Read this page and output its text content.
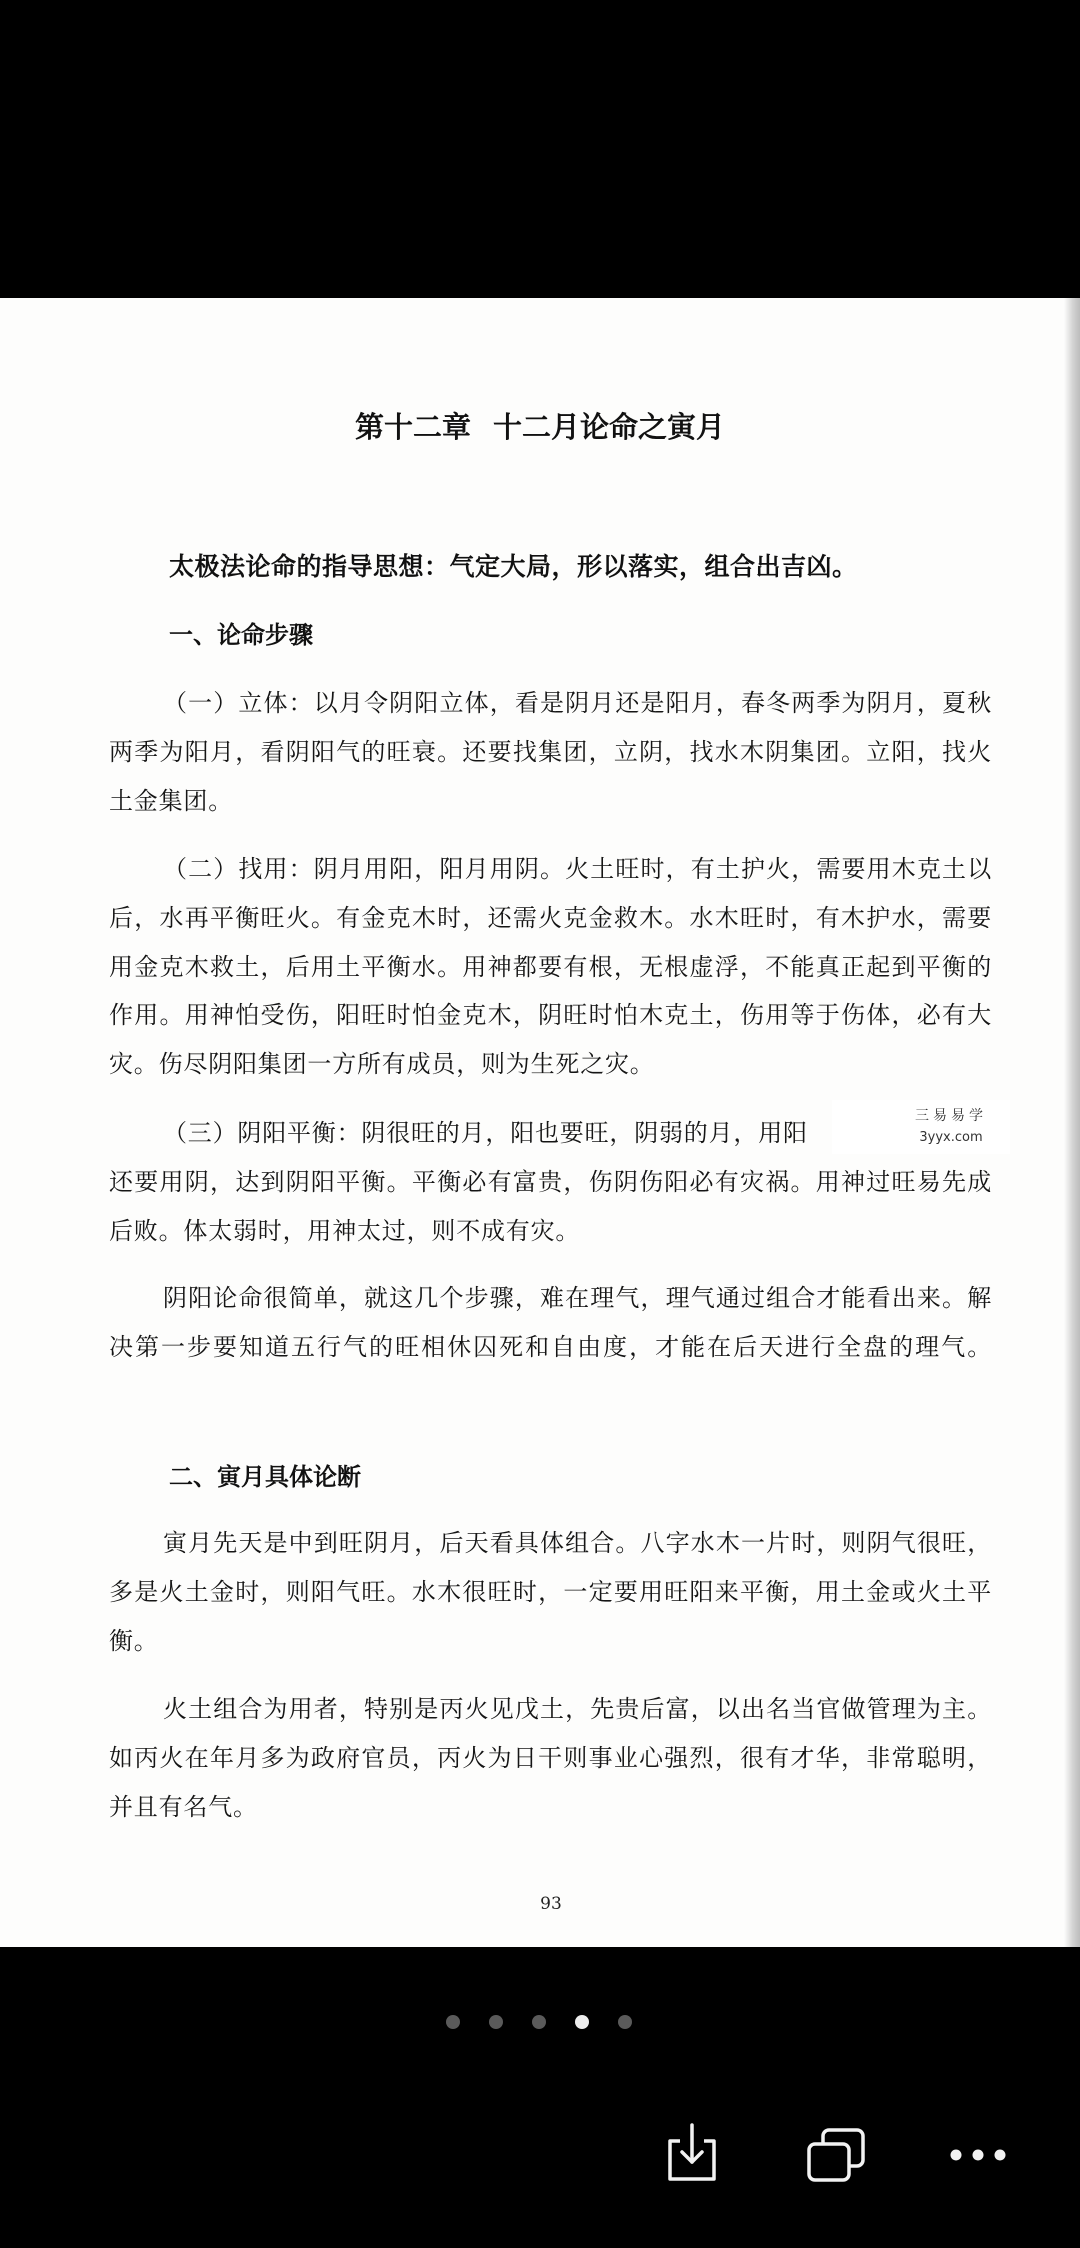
第十二章 十二月论命之寅月
太极法论命的指导思想：气定大局，形以落实，组合出吉凶。
一、论命步骤
（一）立体：以月令阴阳立体，看是阴月还是阳月，春冬两季为阴月，夏秋
两季为阳月，看阴阳气的旺衰。还要找集团，立阴，找水木阴集团。立阳，找火
土金集团。
（二）找用：阴月用阳，阳月用阴。火土旺时，有土护火，需要用木克土以
后，水再平衡旺火。有金克木时，还需火克金救木。水木旺时，有木护水，需要
用金克木救土，后用土平衡水。用神都要有根，无根虚浮，不能真正起到平衡的
作用。用神怕受伤，阳旺时怕金克木，阴旺时怕木克土，伤用等于伤体，必有大
灾。伤尽阴阳集团一方所有成员，则为生死之灾。
（三）阴阳平衡：阴很旺的月，阳也要旺，阴弱的月，用阳
还要用阴，达到阴阳平衡。平衡必有富贵，伤阴伤阳必有灾祸。用神过旺易先成
后败。体太弱时，用神太过，则不成有灾。
三易易学
3yyx.com
阴阳论命很简单，就这几个步骤，难在理气，理气通过组合才能看出来。解
决第一步要知道五行气的旺相休囚死和自由度，才能在后天进行全盘的理气。
二、寅月具体论断
寅月先天是中到旺阴月，后天看具体组合。八字水木一片时，则阴气很旺，
多是火土金时，则阳气旺。水木很旺时，一定要用旺阳来平衡，用土金或火土平
衡。
火土组合为用者，特别是丙火见戊土，先贵后富，以出名当官做管理为主。
如丙火在年月多为政府官员，丙火为日干则事业心强烈，很有才华，非常聪明，
并且有名气。
93
